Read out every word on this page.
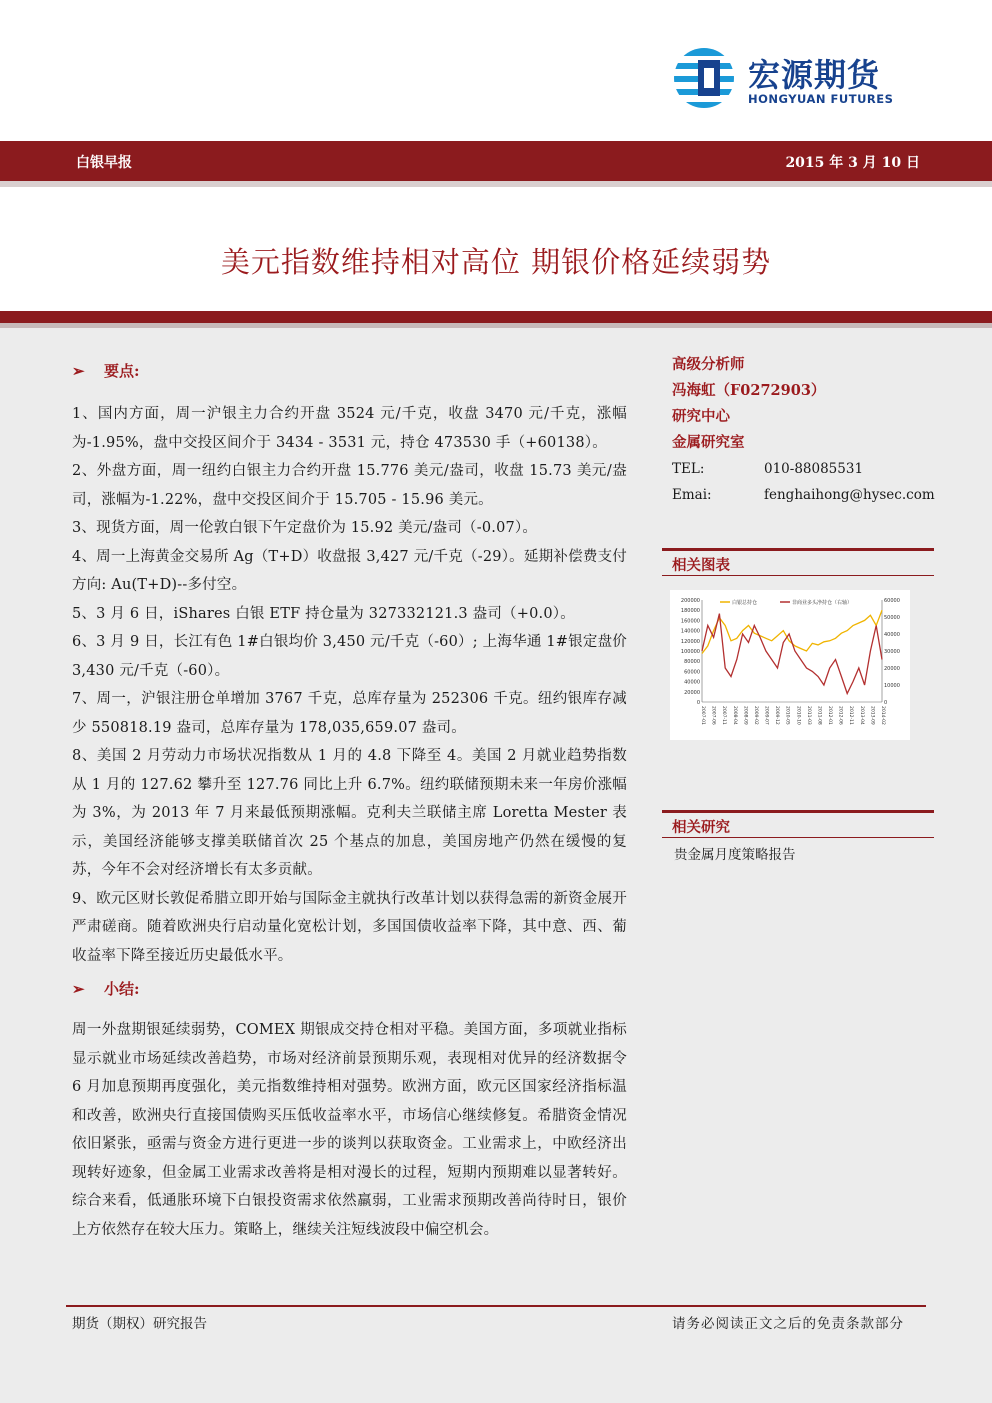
宏源期货
HONGYUAN FUTURES
白银早报	2015 年 3 月 10 日
美元指数维持相对高位 期银价格延续弱势
➢ 要点:

1、国内方面，周一沪银主力合约开盘 3524 元/千克，收盘 3470 元/千克，涨幅为-1.95%，盘中交投区间介于 3434 - 3531 元，持仓 473530 手（+60138）。

2、外盘方面，周一纽约白银主力合约开盘 15.776 美元/盎司，收盘 15.73 美元/盎司，涨幅为-1.22%，盘中交投区间介于 15.705 - 15.96 美元。

3、现货方面，周一伦敦白银下午定盘价为 15.92 美元/盎司（-0.07）。

4、周一上海黄金交易所 Ag（T+D）收盘报 3,427 元/千克（-29）。延期补偿费支付方向: Au(T+D)--多付空。

5、3 月 6 日，iShares 白银 ETF 持仓量为 327332121.3 盎司（+0.0）。

6、3 月 9 日，长江有色 1#白银均价 3,450 元/千克（-60）; 上海华通 1#银定盘价 3,430 元/千克（-60）。

7、周一，沪银注册仓单增加 3767 千克，总库存量为 252306 千克。纽约银库存减少 550818.19 盎司，总库存量为 178,035,659.07 盎司。

8、美国 2 月劳动力市场状况指数从 1 月的 4.8 下降至 4。美国 2 月就业趋势指数从 1 月的 127.62 攀升至 127.76 同比上升 6.7%。纽约联储预期未来一年房价涨幅为 3%，为 2013 年 7 月来最低预期涨幅。克利夫兰联储主席 Loretta Mester 表示，美国经济能够支撑美联储首次 25 个基点的加息，美国房地产仍然在缓慢的复苏，今年不会对经济增长有太多贡献。

9、欧元区财长敦促希腊立即开始与国际金主就执行改革计划以获得急需的新资金展开严肃磋商。随着欧洲央行启动量化宽松计划，多国国债收益率下降，其中意、西、葡收益率下降至接近历史最低水平。

➢ 小结:

周一外盘期银延续弱势，COMEX 期银成交持仓相对平稳。美国方面，多项就业指标显示就业市场延续改善趋势，市场对经济前景预期乐观，表现相对优异的经济数据令 6 月加息预期再度强化，美元指数维持相对强势。欧洲方面，欧元区国家经济指标温和改善，欧洲央行直接国债购买压低收益率水平，市场信心继续修复。希腊资金情况依旧紧张，亟需与资金方进行更进一步的谈判以获取资金。工业需求上，中欧经济出现转好迹象，但金属工业需求改善将是相对漫长的过程，短期内预期难以显著转好。综合来看，低通胀环境下白银投资需求依然羸弱，工业需求预期改善尚待时日，银价上方依然存在较大压力。策略上，继续关注短线波段中偏空机会。

高级分析师
冯海虹（F0272903）
研究中心
金属研究室
TEL:	010-88085531
Emai:	fenghaihong@hysec.com
相关图表
200000
180000
160000
140000
120000
100000
80000
60000
40000
20000
0
60000
50000
40000
30000
20000
10000
0
2007-01 2007-06 2007-11 2008-04 2008-09 2009-02 2009-07 2009-12 2010-05 2010-10 2011-03 2011-08 2012-01 2012-06 2012-11 2013-04 2013-09 2014-02
白银总持仓	非商业多头净持仓（右轴）
相关研究
贵金属月度策略报告
期货（期权）研究报告	请务必阅读正文之后的免责条款部分
